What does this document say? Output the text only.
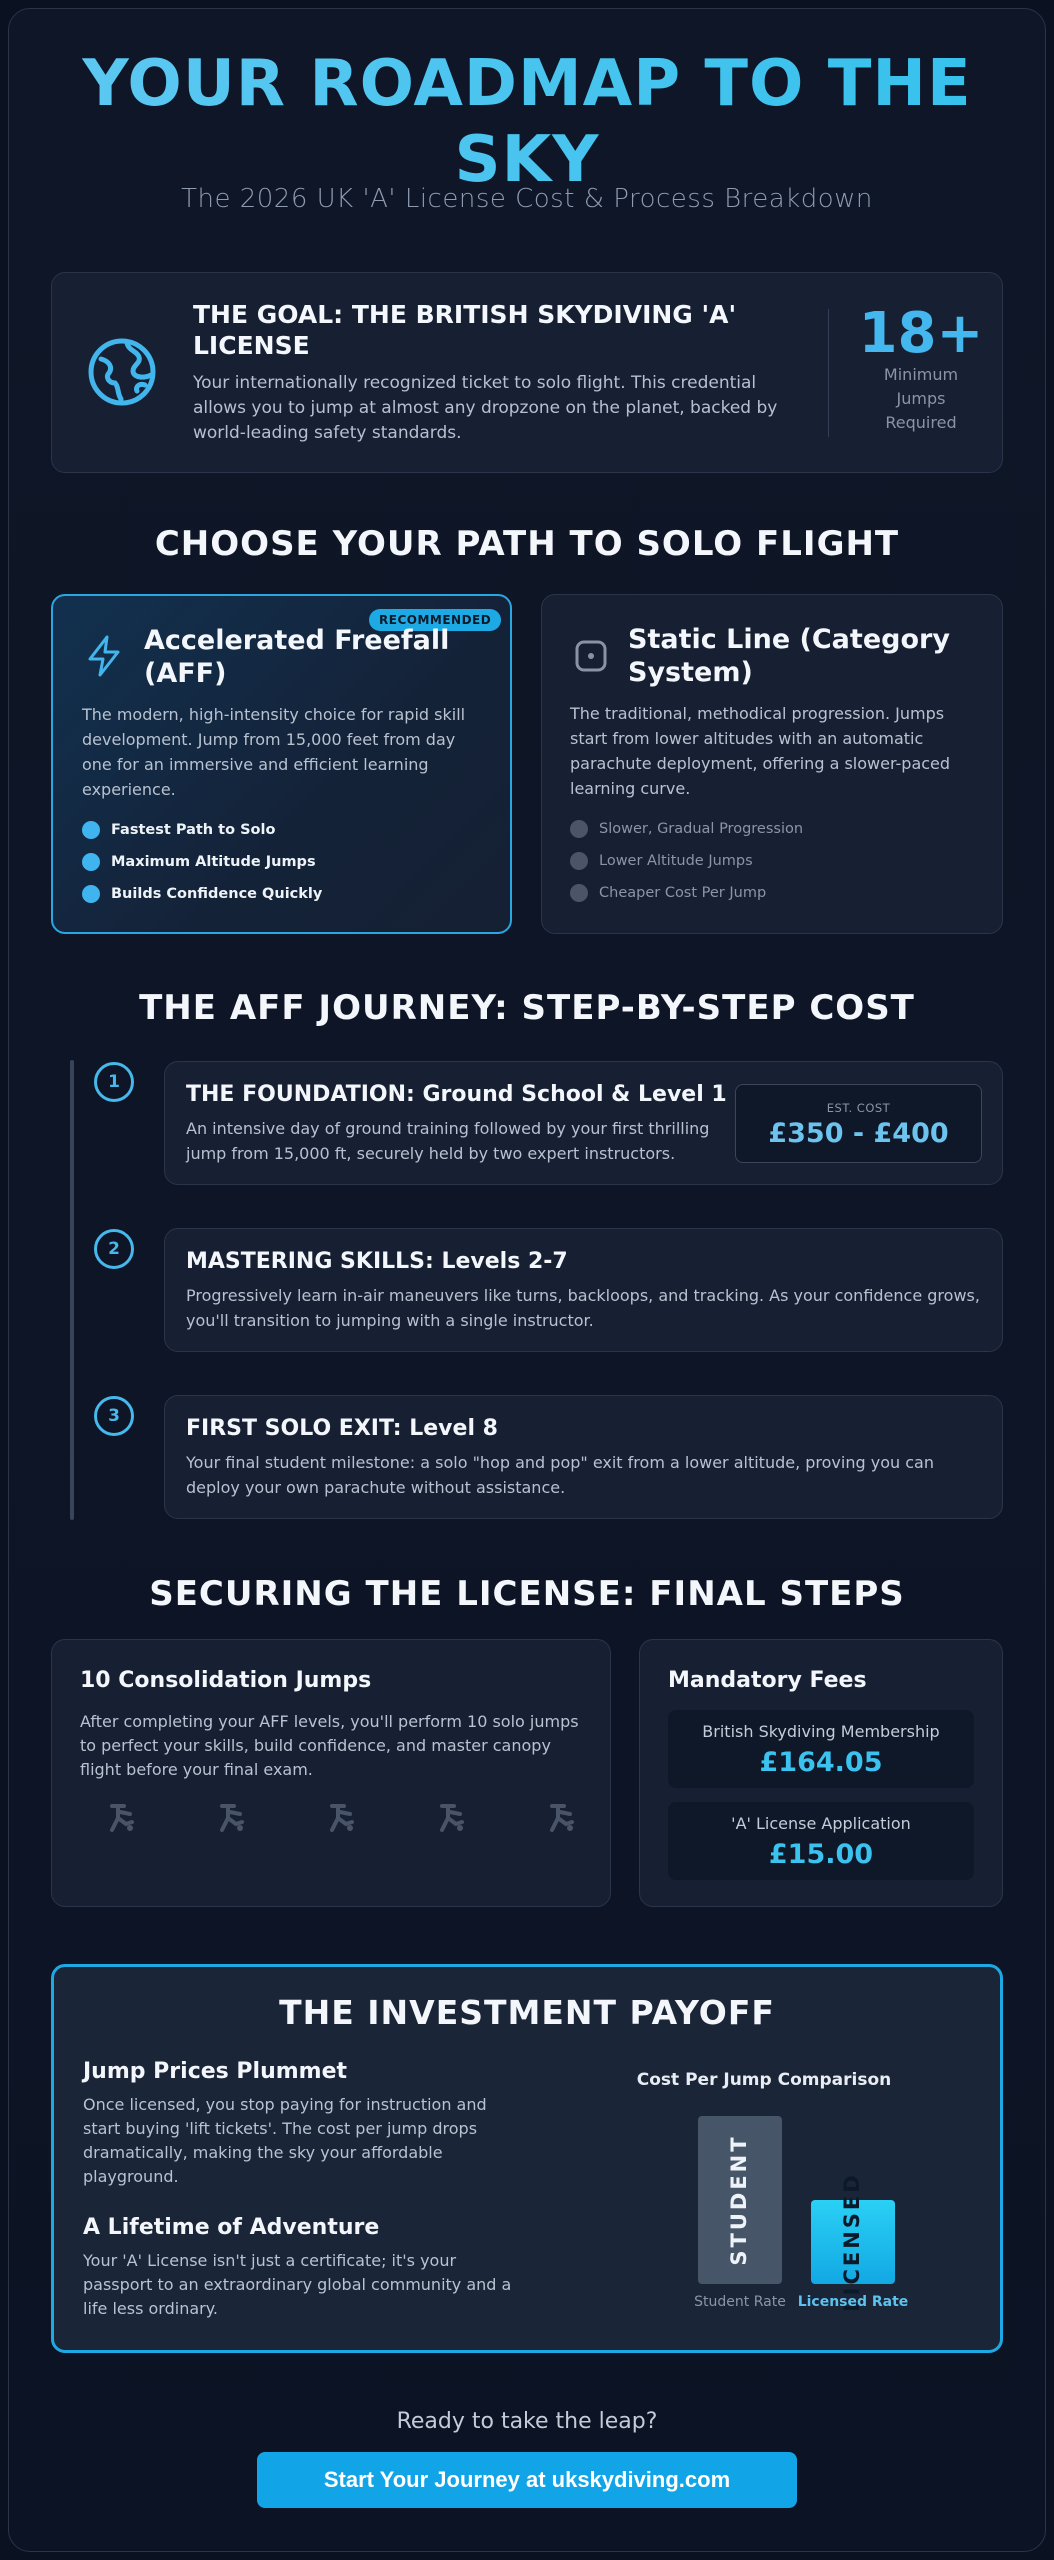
YOUR ROADMAP TO THE
SKY
The 2026 UK 'A' License Cost & Process Breakdown
THE GOAL: THE BRITISH SKYDIVING 'A'
LICENSE
Your internationally recognized ticket to solo flight. This credential
allows you to jump at almost any dropzone on the planet, backed by
world-leading safety standards.
18+
Minimum
Jumps
Required
CHOOSE YOUR PATH TO SOLO FLIGHT
RECOMMENDED
Accelerated Freefall
(AFF)
The modern, high-intensity choice for rapid skill
development. Jump from 15,000 feet from day
one for an immersive and efficient learning
experience.
Fastest Path to Solo
Maximum Altitude Jumps
Builds Confidence Quickly
Static Line (Category
System)
The traditional, methodical progression. Jumps
start from lower altitudes with an automatic
parachute deployment, offering a slower-paced
learning curve.
Slower, Gradual Progression
Lower Altitude Jumps
Cheaper Cost Per Jump
THE AFF JOURNEY: STEP-BY-STEP COST
1	THE FOUNDATION: Ground School & Level 1
An intensive day of ground training followed by your first thrilling
jump from 15,000 ft, securely held by two expert instructors.
EST. COST
£350 - £400
2	MASTERING SKILLS: Levels 2-7
Progressively learn in-air maneuvers like turns, backloops, and tracking. As your confidence grows,
you'll transition to jumping with a single instructor.
3	FIRST SOLO EXIT: Level 8
Your final student milestone: a solo "hop and pop" exit from a lower altitude, proving you can
deploy your own parachute without assistance.
SECURING THE LICENSE: FINAL STEPS
10 Consolidation Jumps
After completing your AFF levels, you'll perform 10 solo jumps
to perfect your skills, build confidence, and master canopy
flight before your final exam.
Mandatory Fees
British Skydiving Membership
£164.05
'A' License Application
£15.00
THE INVESTMENT PAYOFF
Jump Prices Plummet
Once licensed, you stop paying for instruction and
start buying 'lift tickets'. The cost per jump drops
dramatically, making the sky your affordable
playground.
A Lifetime of Adventure
Your 'A' License isn't just a certificate; it's your
passport to an extraordinary global community and a
life less ordinary.
Cost Per Jump Comparison
STUDENT
Student Rate	LICENSED
Licensed Rate
Ready to take the leap?
Start Your Journey at ukskydiving.com
